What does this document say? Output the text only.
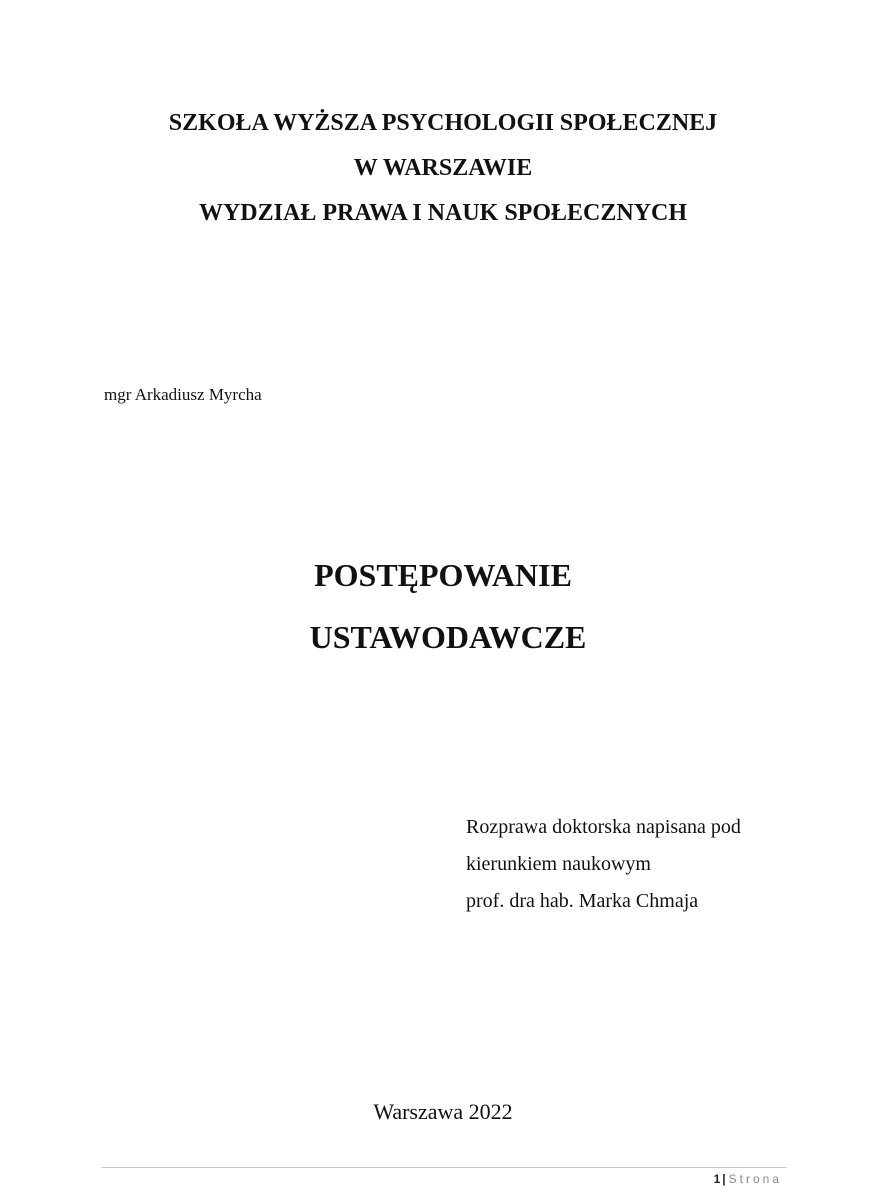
SZKOŁA WYŻSZA PSYCHOLOGII SPOŁECZNEJ
W WARSZAWIE
WYDZIAŁ PRAWA I NAUK SPOŁECZNYCH
mgr Arkadiusz Myrcha
POSTĘPOWANIE
USTAWODAWCZE
Rozprawa doktorska napisana pod
kierunkiem naukowym
prof. dra hab. Marka Chmaja
Warszawa 2022
1 | Strona
